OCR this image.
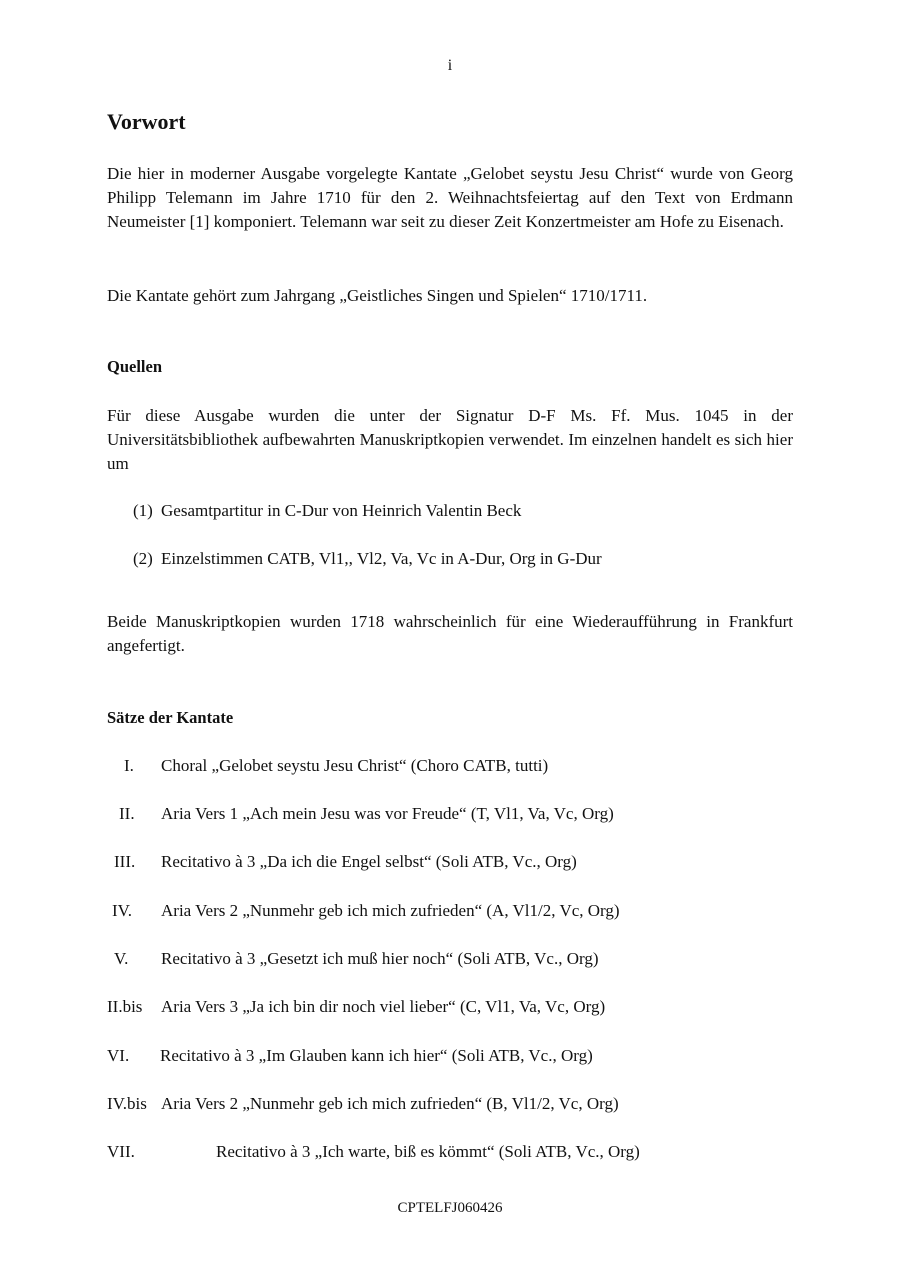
i
Vorwort
Die hier in moderner Ausgabe vorgelegte Kantate „Gelobet seystu Jesu Christ“ wurde von Georg Philipp Telemann im Jahre 1710 für den 2. Weihnachtsfeiertag auf den Text von Erdmann Neumeister [1] komponiert. Telemann war seit zu dieser Zeit Konzertmeister am Hofe zu Eisenach.
Die Kantate gehört zum Jahrgang „Geistliches Singen und Spielen“ 1710/1711.
Quellen
Für diese Ausgabe wurden die unter der Signatur D-F Ms. Ff. Mus. 1045 in der Universitätsbibliothek aufbewahrten Manuskriptkopien verwendet. Im einzelnen handelt es sich hier um
(1) Gesamtpartitur in C-Dur von Heinrich Valentin Beck
(2) Einzelstimmen CATB, Vl1,, Vl2, Va, Vc in A-Dur, Org in G-Dur
Beide Manuskriptkopien wurden 1718 wahrscheinlich für eine Wiederaufführung in Frankfurt angefertigt.
Sätze der Kantate
I. Choral „Gelobet seystu Jesu Christ“ (Choro CATB, tutti)
II. Aria Vers 1 „Ach mein Jesu was vor Freude“ (T, Vl1, Va, Vc, Org)
III. Recitativo à 3 „Da ich die Engel selbst“ (Soli ATB, Vc., Org)
IV. Aria Vers 2 „Nunmehr geb ich mich zufrieden“ (A, Vl1/2, Vc, Org)
V. Recitativo à 3 „Gesetzt ich muß hier noch“ (Soli ATB, Vc., Org)
II.bis Aria Vers 3 „Ja ich bin dir noch viel lieber“ (C, Vl1, Va, Vc, Org)
VI. Recitativo à 3 „Im Glauben kann ich hier“ (Soli ATB, Vc., Org)
IV.bis Aria Vers 2 „Nunmehr geb ich mich zufrieden“ (B, Vl1/2, Vc, Org)
VII.	Recitativo à 3 „Ich warte, biß es kömmt“ (Soli ATB, Vc., Org)
CPTELFJ060426
